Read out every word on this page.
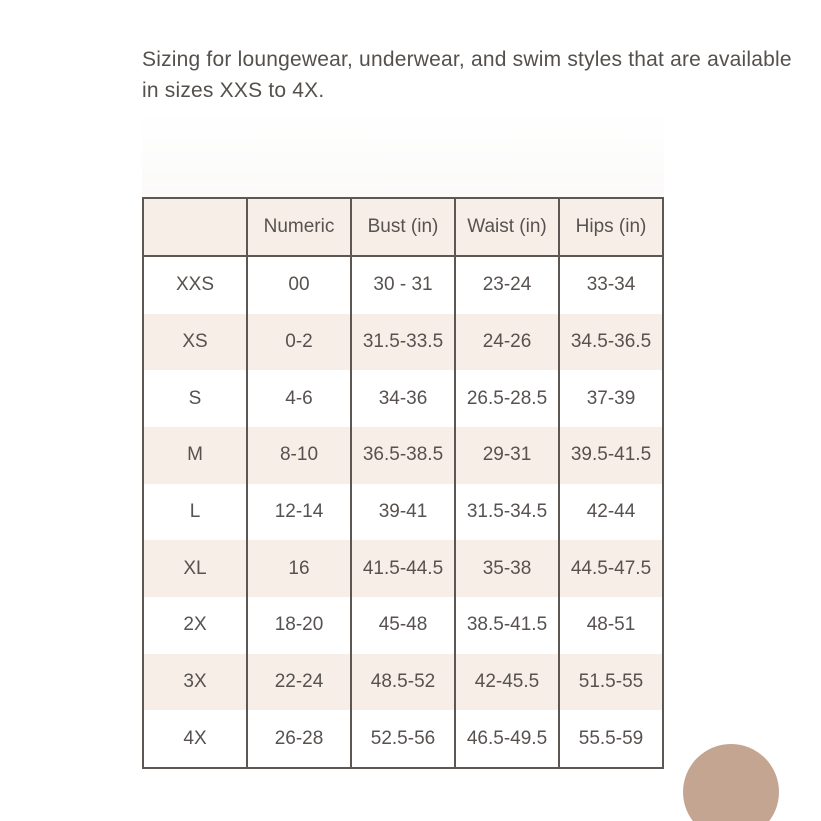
Sizing for loungewear, underwear, and swim styles that are available in sizes XXS to 4X.

	Numeric	Bust (in)	Waist (in)	Hips (in)
XXS	00	30 - 31	23-24	33-34
XS	0-2	31.5-33.5	24-26	34.5-36.5
S	4-6	34-36	26.5-28.5	37-39
M	8-10	36.5-38.5	29-31	39.5-41.5
L	12-14	39-41	31.5-34.5	42-44
XL	16	41.5-44.5	35-38	44.5-47.5
2X	18-20	45-48	38.5-41.5	48-51
3X	22-24	48.5-52	42-45.5	51.5-55
4X	26-28	52.5-56	46.5-49.5	55.5-59
